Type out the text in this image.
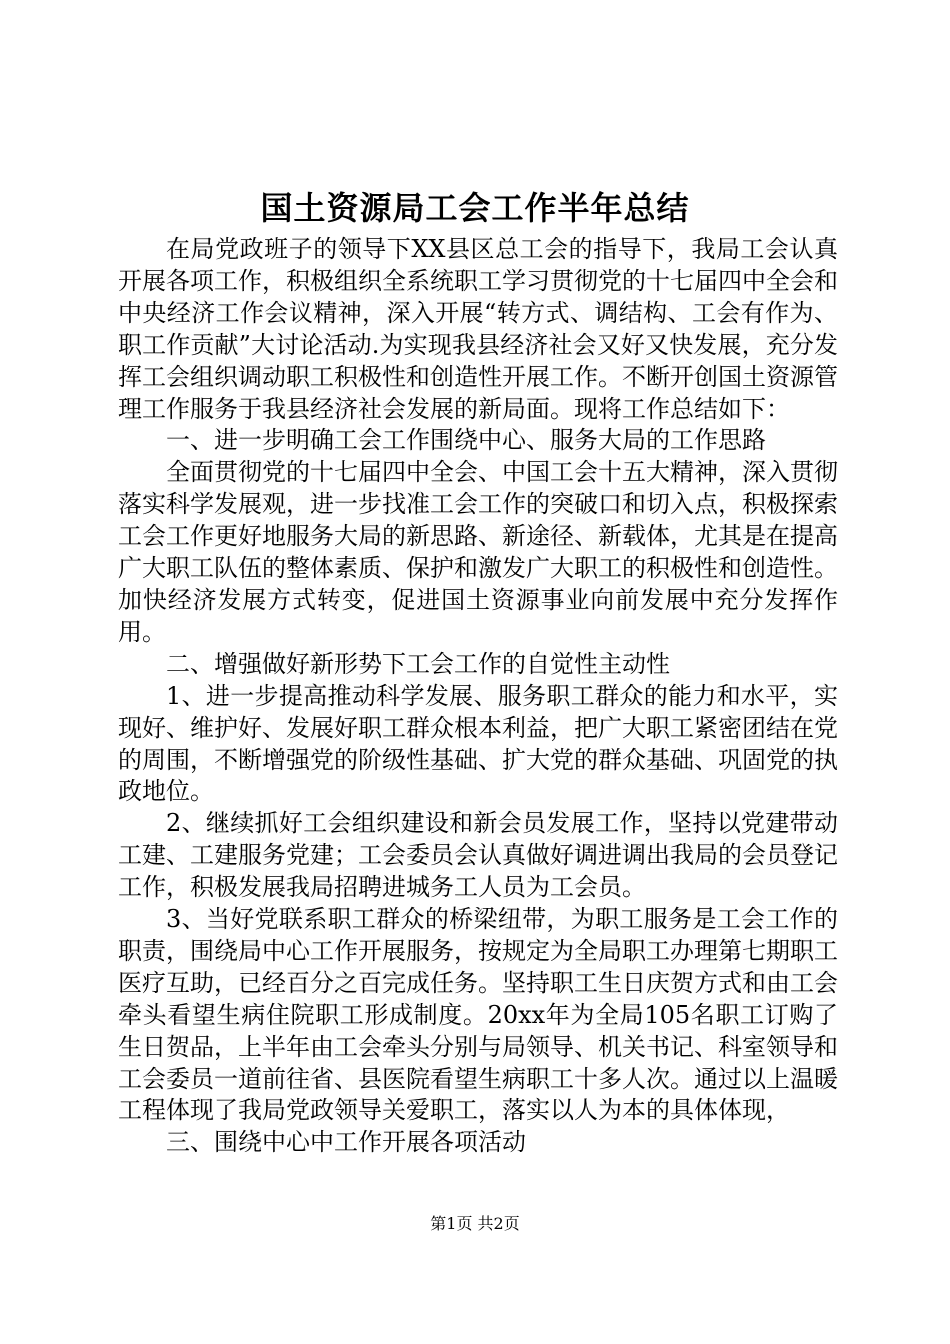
国土资源局工会工作半年总结

在局党政班子的领导下XX县区总工会的指导下，我局工会认真开展各项工作，积极组织全系统职工学习贯彻党的十七届四中全会和中央经济工作会议精神，深入开展“转方式、调结构、工会有作为、职工作贡献”大讨论活动.为实现我县经济社会又好又快发展，充分发挥工会组织调动职工积极性和创造性开展工作。不断开创国土资源管理工作服务于我县经济社会发展的新局面。现将工作总结如下：

一、进一步明确工会工作围绕中心、服务大局的工作思路

全面贯彻党的十七届四中全会、中国工会十五大精神，深入贯彻落实科学发展观，进一步找准工会工作的突破口和切入点，积极探索工会工作更好地服务大局的新思路、新途径、新载体，尤其是在提高广大职工队伍的整体素质、保护和激发广大职工的积极性和创造性。加快经济发展方式转变，促进国土资源事业向前发展中充分发挥作用。

二、增强做好新形势下工会工作的自觉性主动性

1、进一步提高推动科学发展、服务职工群众的能力和水平，实现好、维护好、发展好职工群众根本利益，把广大职工紧密团结在党的周围，不断增强党的阶级性基础、扩大党的群众基础、巩固党的执政地位。

2、继续抓好工会组织建设和新会员发展工作，坚持以党建带动工建、工建服务党建；工会委员会认真做好调进调出我局的会员登记工作，积极发展我局招聘进城务工人员为工会员。

3、当好党联系职工群众的桥梁纽带，为职工服务是工会工作的职责，围绕局中心工作开展服务，按规定为全局职工办理第七期职工医疗互助，已经百分之百完成任务。坚持职工生日庆贺方式和由工会牵头看望生病住院职工形成制度。20xx年为全局105名职工订购了生日贺品，上半年由工会牵头分别与局领导、机关书记、科室领导和工会委员一道前往省、县医院看望生病职工十多人次。通过以上温暖工程体现了我局党政领导关爱职工，落实以人为本的具体体现，

三、围绕中心中工作开展各项活动

第1页 共2页
